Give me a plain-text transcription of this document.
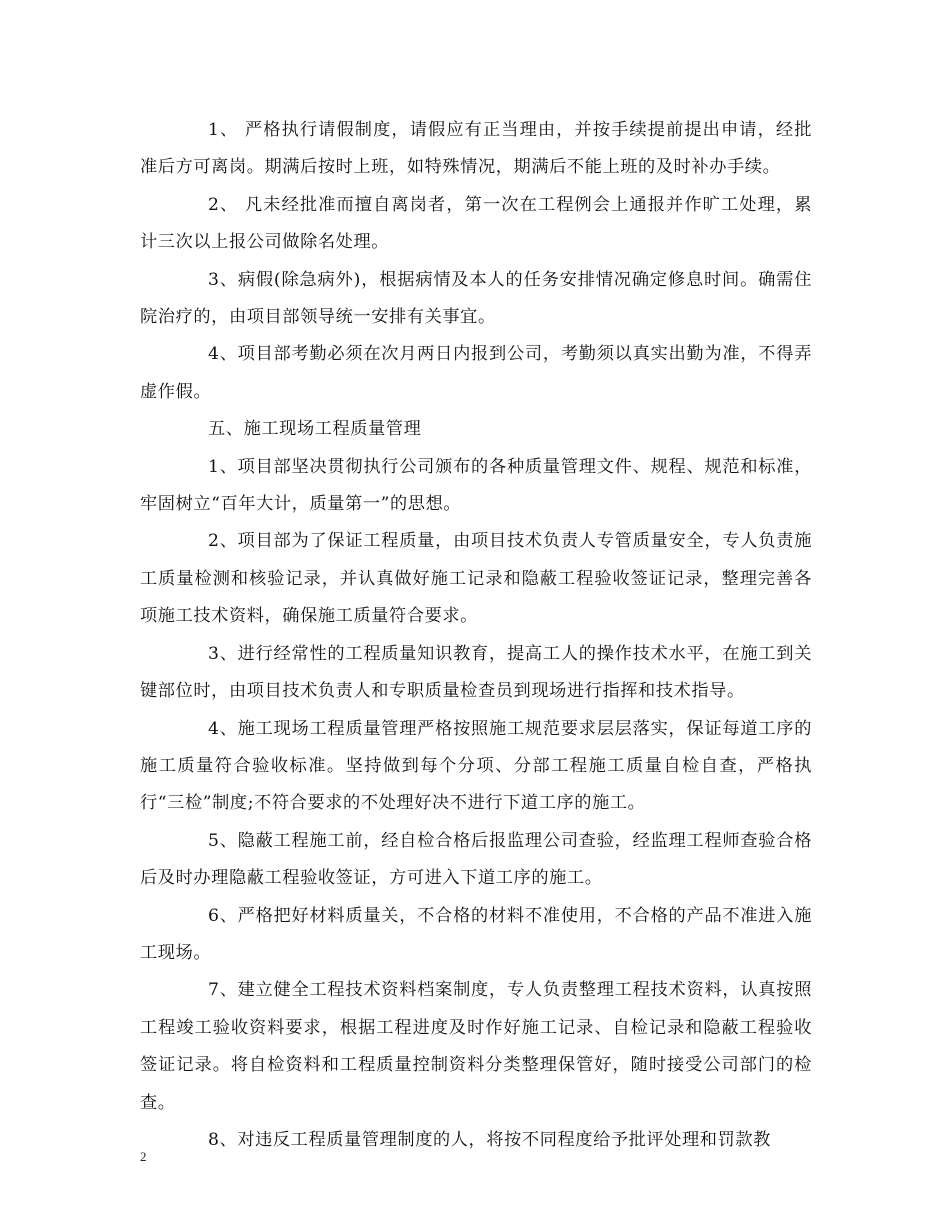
1、 严格执行请假制度，请假应有正当理由，并按手续提前提出申请，经批准后方可离岗。期满后按时上班，如特殊情况，期满后不能上班的及时补办手续。

2、 凡未经批准而擅自离岗者，第一次在工程例会上通报并作旷工处理，累计三次以上报公司做除名处理。

3、病假(除急病外)，根据病情及本人的任务安排情况确定修息时间。确需住院治疗的，由项目部领导统一安排有关事宜。

4、项目部考勤必须在次月两日内报到公司，考勤须以真实出勤为准，不得弄虚作假。

五、施工现场工程质量管理

1、项目部坚决贯彻执行公司颁布的各种质量管理文件、规程、规范和标准，牢固树立“百年大计，质量第一”的思想。

2、项目部为了保证工程质量，由项目技术负责人专管质量安全，专人负责施工质量检测和核验记录，并认真做好施工记录和隐蔽工程验收签证记录，整理完善各项施工技术资料，确保施工质量符合要求。

3、进行经常性的工程质量知识教育，提高工人的操作技术水平，在施工到关键部位时，由项目技术负责人和专职质量检查员到现场进行指挥和技术指导。

4、施工现场工程质量管理严格按照施工规范要求层层落实，保证每道工序的施工质量符合验收标准。坚持做到每个分项、分部工程施工质量自检自查，严格执行“三检”制度;不符合要求的不处理好决不进行下道工序的施工。

5、隐蔽工程施工前，经自检合格后报监理公司查验，经监理工程师查验合格后及时办理隐蔽工程验收签证，方可进入下道工序的施工。

6、严格把好材料质量关，不合格的材料不准使用，不合格的产品不准进入施工现场。

7、建立健全工程技术资料档案制度，专人负责整理工程技术资料，认真按照工程竣工验收资料要求，根据工程进度及时作好施工记录、自检记录和隐蔽工程验收签证记录。将自检资料和工程质量控制资料分类整理保管好，随时接受公司部门的检查。

8、对违反工程质量管理制度的人，将按不同程度给予批评处理和罚款教

2
